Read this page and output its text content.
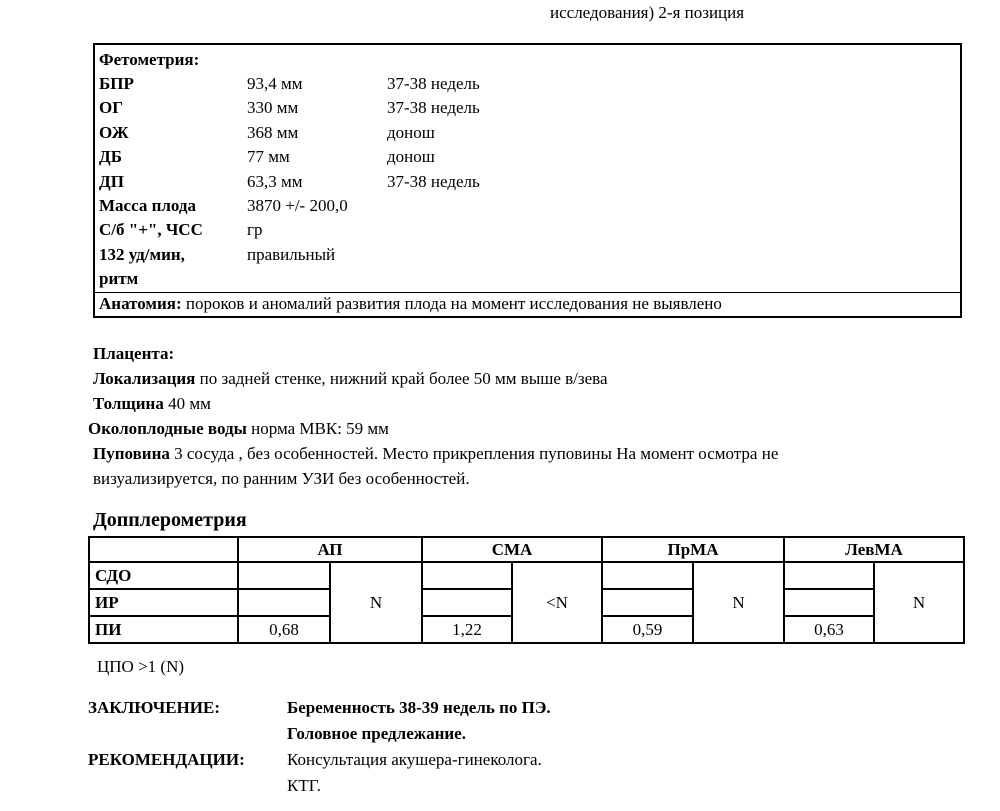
исследования) 2-я позиция
Фетометрия:
БПР	93,4 мм	37-38 недель
ОГ	330 мм	37-38 недель
ОЖ	368 мм	донош
ДБ	77 мм	донош
ДП	63,3 мм	37-38 недель
Масса плода	3870 +/- 200,0
С/б "+", ЧСС	гр
132 уд/мин,	правильный
ритм
Анатомия: пороков и аномалий развития плода на момент исследования не выявлено
Плацента:
Локализация по задней стенке, нижний край более 50 мм выше в/зева
Толщина 40 мм
Околоплодные воды норма МВК: 59 мм
Пуповина 3 сосуда , без особенностей. Место прикрепления пуповины На момент осмотра не
визуализируется, по ранним УЗИ без особенностей.
Допплерометрия
	АП		СМА		ПрМА		ЛевМА	
СДО		N		<N		N		N
ИР								
ПИ	0,68		1,22		0,59		0,63	
ЦПО >1 (N)
ЗАКЛЮЧЕНИЕ:	Беременность 38-39 недель по ПЭ.
Головное предлежание.
РЕКОМЕНДАЦИИ:	Консультация акушера-гинеколога.
КТГ.
